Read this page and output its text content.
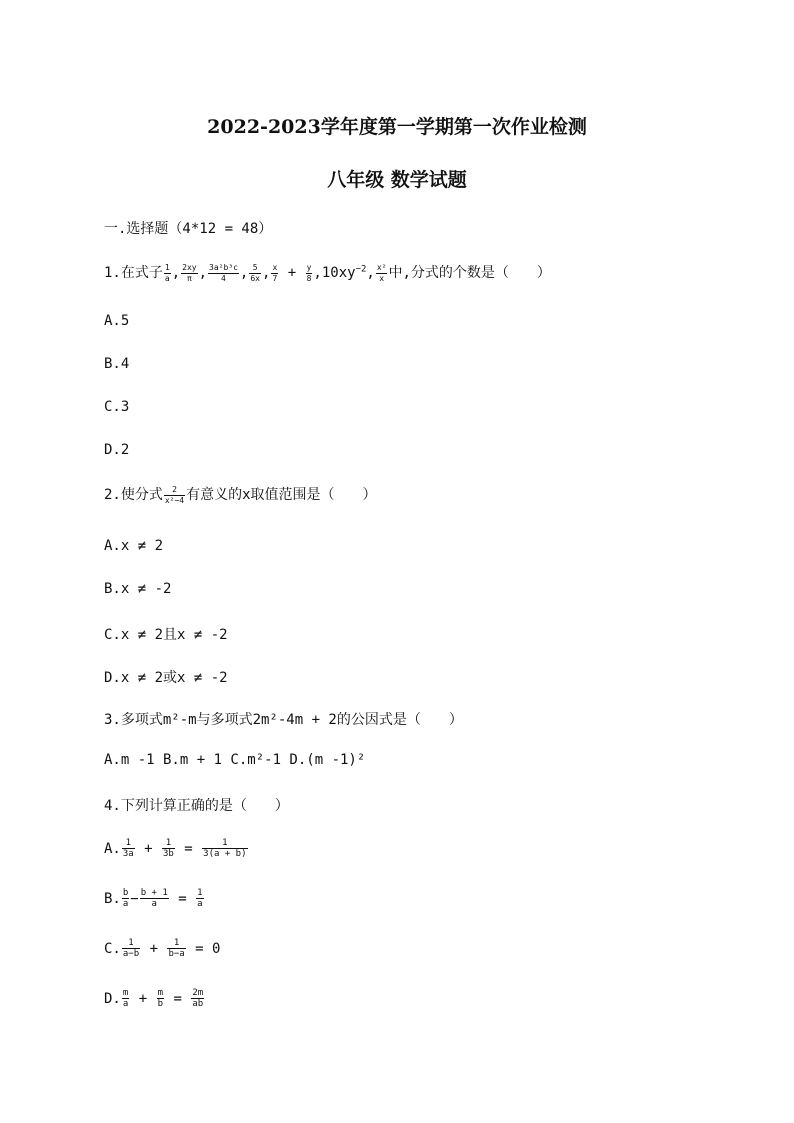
2022-2023学年度第一学期第一次作业检测
八年级 数学试题
一.选择题（4*12 = 48）
1.在式子 $\frac{1}{a}$ , $\frac{2xy}{\pi}$ , $\frac{\text{3a²b³c}}{4}$ , $\frac{5}{6x}$ , $\frac{x}{7} + \frac{y}{8} ,10xy^{-2}$, $\frac{\text{x²}}{x}$ 中,分式的个数是（　　）
A.5
B.4
C.3
D.2
2.使分式 $\frac{2}{\text{x²−4}}$ 有意义的x取值范围是（　　）
A.x ≠ 2
B.x ≠ -2
C.x ≠ 2且x ≠ -2
D.x ≠ 2或x ≠ -2
3.多项式m²-m与多项式2m²-4m + 2的公因式是（　　）
A.m -1 B.m + 1 C.m²-1 D.(m -1)²
4.下列计算正确的是（　　）
A. $\frac{1}{3a} + \frac{1}{3b} = \frac{1}{3(a + b)}$
B. $\frac{b}{a} - \frac{b + 1}{a} = \frac{1}{a}$
C. $\frac{1}{a-b} + \frac{1}{b-a} = 0$
D. $\frac{m}{a} + \frac{m}{b} = \frac{2m}{ab}$
